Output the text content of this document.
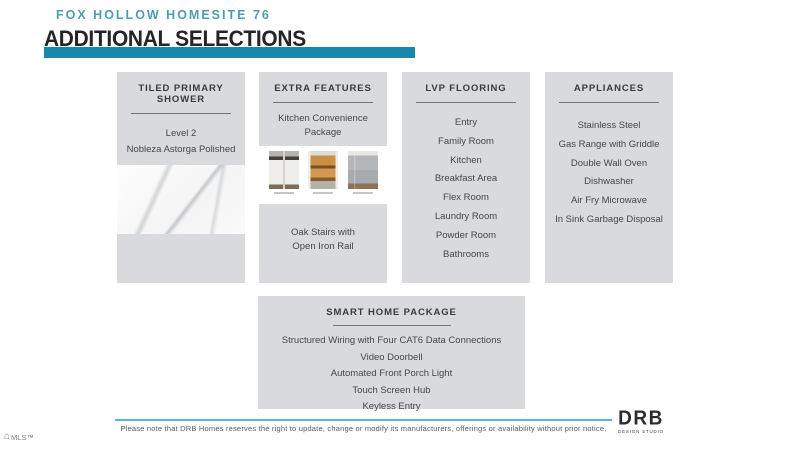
FOX HOLLOW HOMESITE 76
ADDITIONAL SELECTIONS
TILED PRIMARY SHOWER
Level 2
Nobleza Astorga Polished
EXTRA FEATURES
Kitchen Convenience Package
Oak Stairs with Open Iron Rail
LVP FLOORING
Entry
Family Room
Kitchen
Breakfast Area
Flex Room
Laundry Room
Powder Room
Bathrooms
APPLIANCES
Stainless Steel
Gas Range with Griddle
Double Wall Oven
Dishwasher
Air Fry Microwave
In Sink Garbage Disposal
SMART HOME PACKAGE
Structured Wiring with Four CAT6 Data Connections
Video Doorbell
Automated Front Porch Light
Touch Screen Hub
Keyless Entry
Please note that DRB Homes reserves the right to update, change or modify its manufacturers, offerings or availability without prior notice. DRB
DESIGN STUDIO
⌂ MLS™
